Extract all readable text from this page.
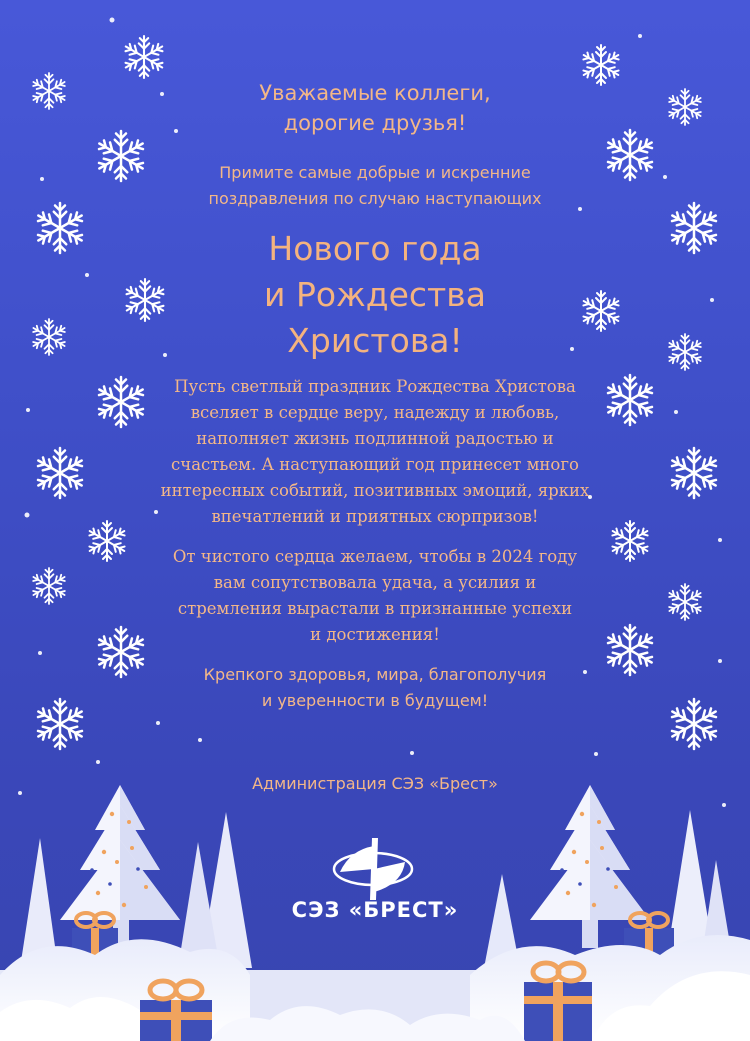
СЭЗ «БРЕСТ»
Уважаемые коллеги,
дорогие друзья!
Примите самые добрые и искренние
поздравления по случаю наступающих
Нового года
и Рождества
Христова!
Пусть светлый праздник Рождества Христова
вселяет в сердце веру, надежду и любовь,
наполняет жизнь подлинной радостью и
счастьем. А наступающий год принесет много
интересных событий, позитивных эмоций, ярких
впечатлений и приятных сюрпризов!
От чистого сердца желаем, чтобы в 2024 году
вам сопутствовала удача, а усилия и
стремления вырастали в признанные успехи
и достижения!
Крепкого здоровья, мира, благополучия
и уверенности в будущем!
Администрация СЭЗ «Брест»
